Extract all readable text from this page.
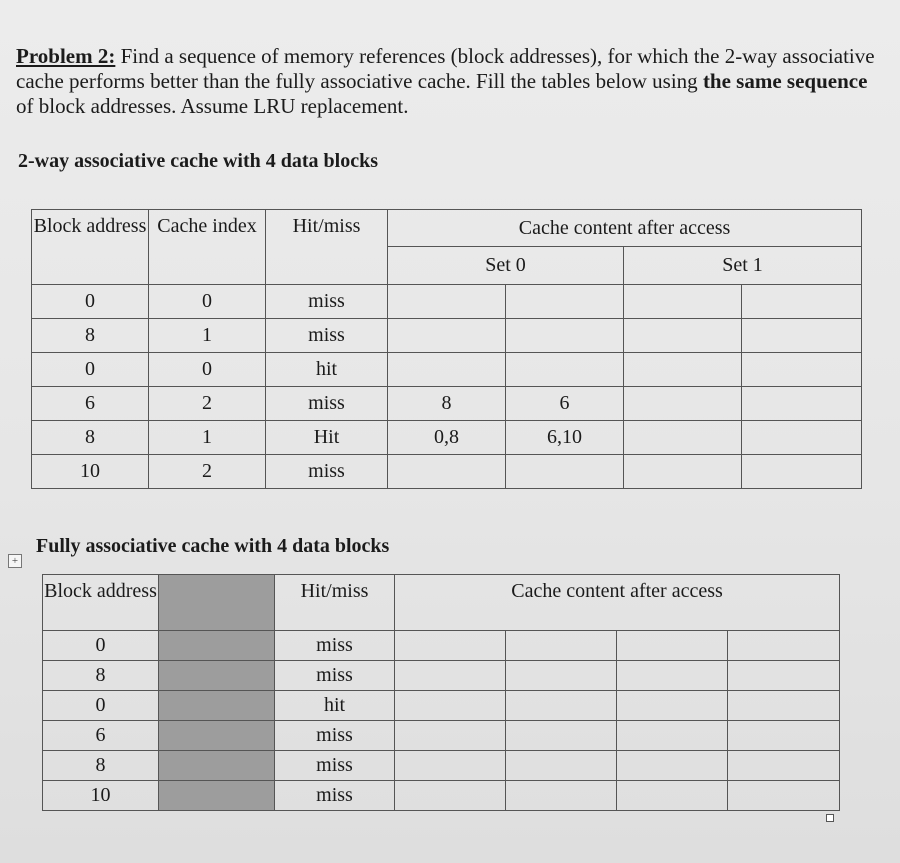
Problem 2: Find a sequence of memory references (block addresses), for which the 2-way associative cache performs better than the fully associative cache. Fill the tables below using the same sequence of block addresses. Assume LRU replacement.
2-way associative cache with 4 data blocks
Block address	Cache index	Hit/miss	Cache content after access			
			Set 0		Set 1	
0	0	miss				
8	1	miss				
0	0	hit				
6	2	miss	8	6		
8	1	Hit	0,8	6,10		
10	2	miss				
Fully associative cache with 4 data blocks
+
Block address		Hit/miss	Cache content after access			
0		miss				
8		miss				
0		hit				
6		miss				
8		miss				
10		miss				
